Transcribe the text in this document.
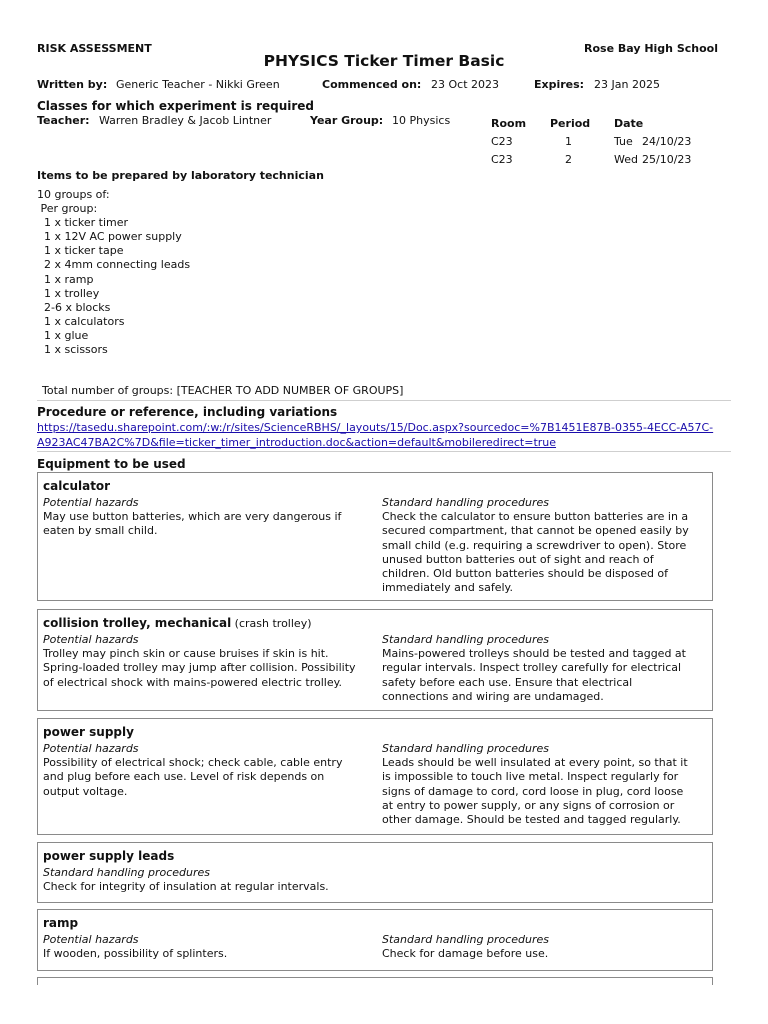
RISK ASSESSMENT	Rose Bay High School
PHYSICS Ticker Timer Basic
Written by: Generic Teacher - Nikki Green	Commenced on: 23 Oct 2023	Expires: 23 Jan 2025
Classes for which experiment is required
Teacher: Warren Bradley & Jacob Lintner	Year Group: 10 Physics	Room Period Date
C23	1	Tue 24/10/23
C23	2	Wed 25/10/23
Items to be prepared by laboratory technician
10 groups of:
Per group:
1 x ticker timer
1 x 12V AC power supply
1 x ticker tape
2 x 4mm connecting leads
1 x ramp
1 x trolley
2-6 x blocks
1 x calculators
1 x glue
1 x scissors
Total number of groups: [TEACHER TO ADD NUMBER OF GROUPS]
Procedure or reference, including variations
https://tasedu.sharepoint.com/:w:/r/sites/ScienceRBHS/_layouts/15/Doc.aspx?sourcedoc=%7B1451E87B-0355-4ECC-A57C-
A923AC47BA2C%7D&file=ticker_timer_introduction.doc&action=default&mobileredirect=true
Equipment to be used
calculator
Potential hazards
May use button batteries, which are very dangerous if
eaten by small child.
Standard handling procedures
Check the calculator to ensure button batteries are in a
secured compartment, that cannot be opened easily by
small child (e.g. requiring a screwdriver to open). Store
unused button batteries out of sight and reach of
children. Old button batteries should be disposed of
immediately and safely.
collision trolley, mechanical (crash trolley)
Potential hazards
Trolley may pinch skin or cause bruises if skin is hit.
Spring-loaded trolley may jump after collision. Possibility
of electrical shock with mains-powered electric trolley.
Standard handling procedures
Mains-powered trolleys should be tested and tagged at
regular intervals. Inspect trolley carefully for electrical
safety before each use. Ensure that electrical
connections and wiring are undamaged.
power supply
Potential hazards
Possibility of electrical shock; check cable, cable entry
and plug before each use. Level of risk depends on
output voltage.
Standard handling procedures
Leads should be well insulated at every point, so that it
is impossible to touch live metal. Inspect regularly for
signs of damage to cord, cord loose in plug, cord loose
at entry to power supply, or any signs of corrosion or
other damage. Should be tested and tagged regularly.
power supply leads
Standard handling procedures
Check for integrity of insulation at regular intervals.
ramp
Potential hazards
If wooden, possibility of splinters.
Standard handling procedures
Check for damage before use.
